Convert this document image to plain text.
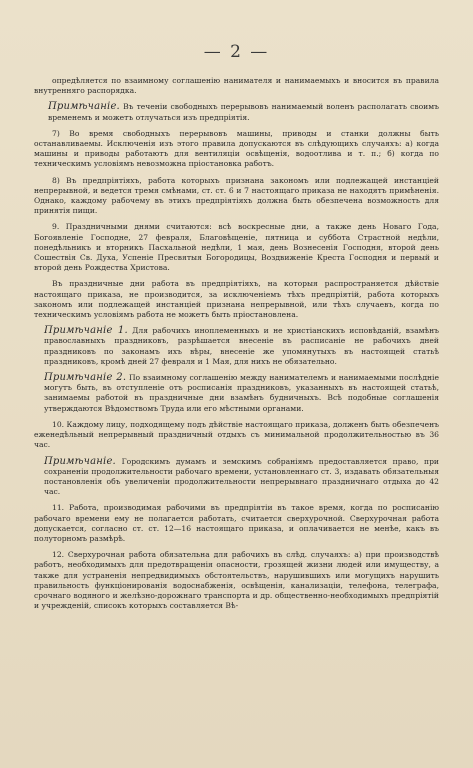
— 2 —

опредѣляется по взаимному соглашенію нанимателя и нанимаемыхъ и вносится въ правила внутренняго распорядка.

Примѣчаніе. Въ теченіи свободныхъ перерывовъ нанимаемый воленъ располагать своимъ временемъ и можетъ отлучаться изъ предпріятія.

7) Во время свободныхъ перерывовъ машины, приводы и станки должны быть останавливаемы. Исключенія изъ этого правила допускаются въ слѣдующихъ случаяхъ: а) когда машины и приводы работаютъ для вентиляціи освѣщенія, водоотлива и т. п.; б) когда по техническимъ условіямъ невозможна пріостановка работъ.

8) Въ предпріятіяхъ, работа которыхъ признана закономъ или подлежащей инстанціей непрерывной, и ведется тремя смѣнами, ст. ст. 6 и 7 настоящаго приказа не находятъ примѣненія. Однако, каждому рабочему въ этихъ предпріятіяхъ должна быть обезпечена возможность для принятія пищи.

9. Праздничными днями считаются: всѣ воскресные дни, а также день Новаго Года, Богоявленіе Господне, 27 февраля, Благовѣщеніе, пятница и суббота Страстной недѣли, понедѣльникъ и вторникъ Пасхальной недѣли, 1 мая, день Вознесенія Господня, второй день Сошествія Св. Духа, Успеніе Пресвятыя Богородицы, Воздвиженіе Креста Господня и первый и второй день Рождества Христова.

Въ праздничные дни работа въ предпріятіяхъ, на которыя распространяется дѣйствіе настоящаго приказа, не производится, за исключеніемъ тѣхъ предпріятій, работа которыхъ закономъ или подлежащей инстанціей признана непрерывной, или тѣхъ случаевъ, когда по техническимъ условіямъ работа не можетъ быть пріостановлена.

Примѣчаніе 1. Для рабочихъ иноплеменныхъ и не христіанскихъ исповѣданій, взамѣнъ православныхъ праздниковъ, разрѣшается внесеніе въ расписаніе не рабочихъ дней праздниковъ по законамъ ихъ вѣры, внесеніе же упомянутыхъ въ настоящей статьѣ праздниковъ, кромѣ дней 27 февраля и 1 Мая, для нихъ не обязательно.
Примѣчаніе 2. По взаимному соглашенію между нанимателемъ и нанимаемыми послѣдніе могутъ быть, въ отступленіе отъ росписанія праздниковъ, указанныхъ въ настоящей статьѣ, занимаемы работой въ праздничные дни взамѣнъ будничныхъ. Всѣ подобные соглашенія утверждаются Вѣдомствомъ Труда или его мѣстными органами.

10. Каждому лицу, подходящему подъ дѣйствіе настоящаго приказа, долженъ быть обезпеченъ еженедѣльный непрерывный праздничный отдыхъ съ минимальной продолжительностью въ 36 час.

Примѣчаніе. Городскимъ думамъ и земскимъ собраніямъ предоставляется право, при сохраненіи продолжительности рабочаго времени, установленнаго ст. 3, издавать обязательныя постановленія объ увеличеніи продолжительности непрерывнаго праздничнаго отдыха до 42 час.

11. Работа, производимая рабочими въ предпріятіи въ такое время, когда по росписанію рабочаго времени ему не полагается работать, считается сверхурочной. Сверхурочная работа допускается, согласно ст. ст. 12—16 настоящаго приказа, и оплачивается не менѣе, какъ въ полуторномъ размѣрѣ.

12. Сверхурочная работа обязательна для рабочихъ въ слѣд. случаяхъ: а) при производствѣ работъ, необходимыхъ для предотвращенія опасности, грозящей жизни людей или имуществу, а также для устраненія непредвидимыхъ обстоятельствъ, нарушившихъ или могущихъ нарушить правильность функціонированія водоснабженія, освѣщенія, канализаціи, телефона, телеграфа, срочнаго водяного и желѣзно-дорожнаго транспорта и др. общественно-необходимыхъ предпріятій и учрежденій, списокъ которыхъ составляется Вѣ-
